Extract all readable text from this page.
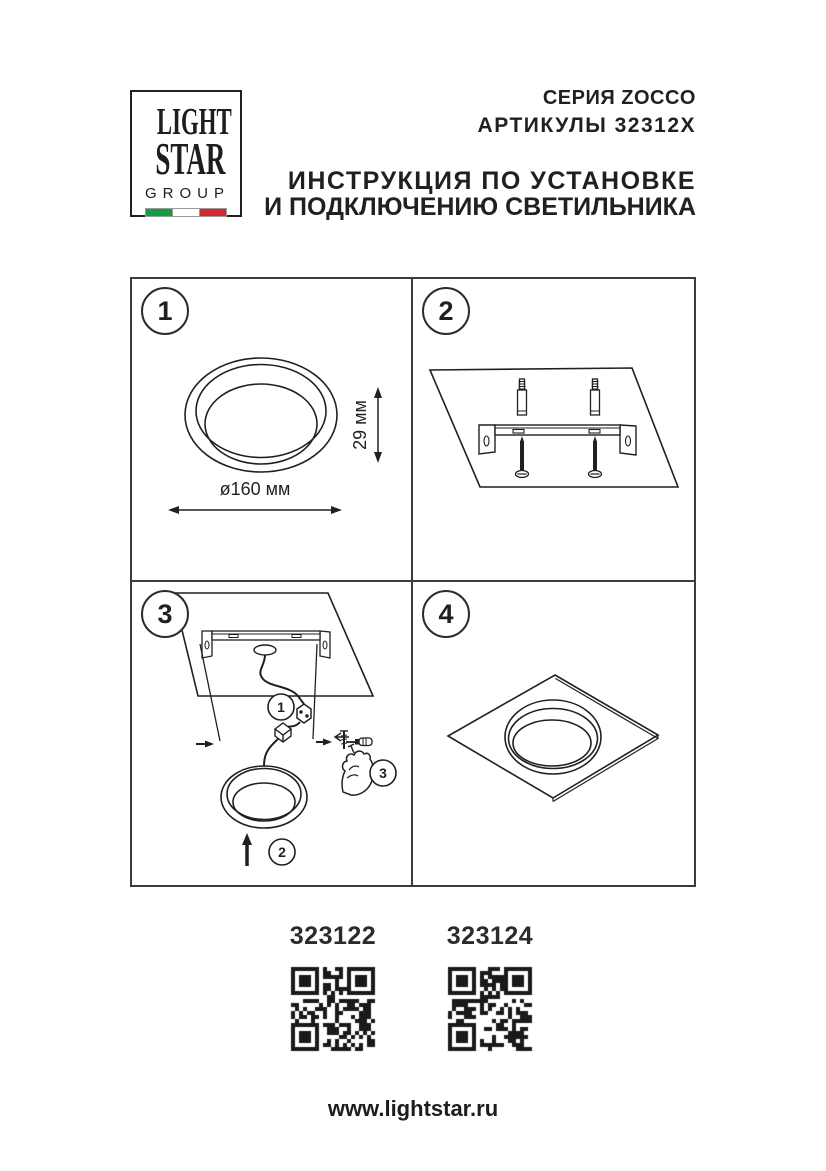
LIGHT
STAR
GROUP
СЕРИЯ ZOCCO
АРТИКУЛЫ 32312Х
ИНСТРУКЦИЯ ПО УСТАНОВКЕ
И ПОДКЛЮЧЕНИЮ СВЕТИЛЬНИКА
29 мм
ø160 мм
1	2
1
2
3
3	4
323122	323124
www.lightstar.ru
